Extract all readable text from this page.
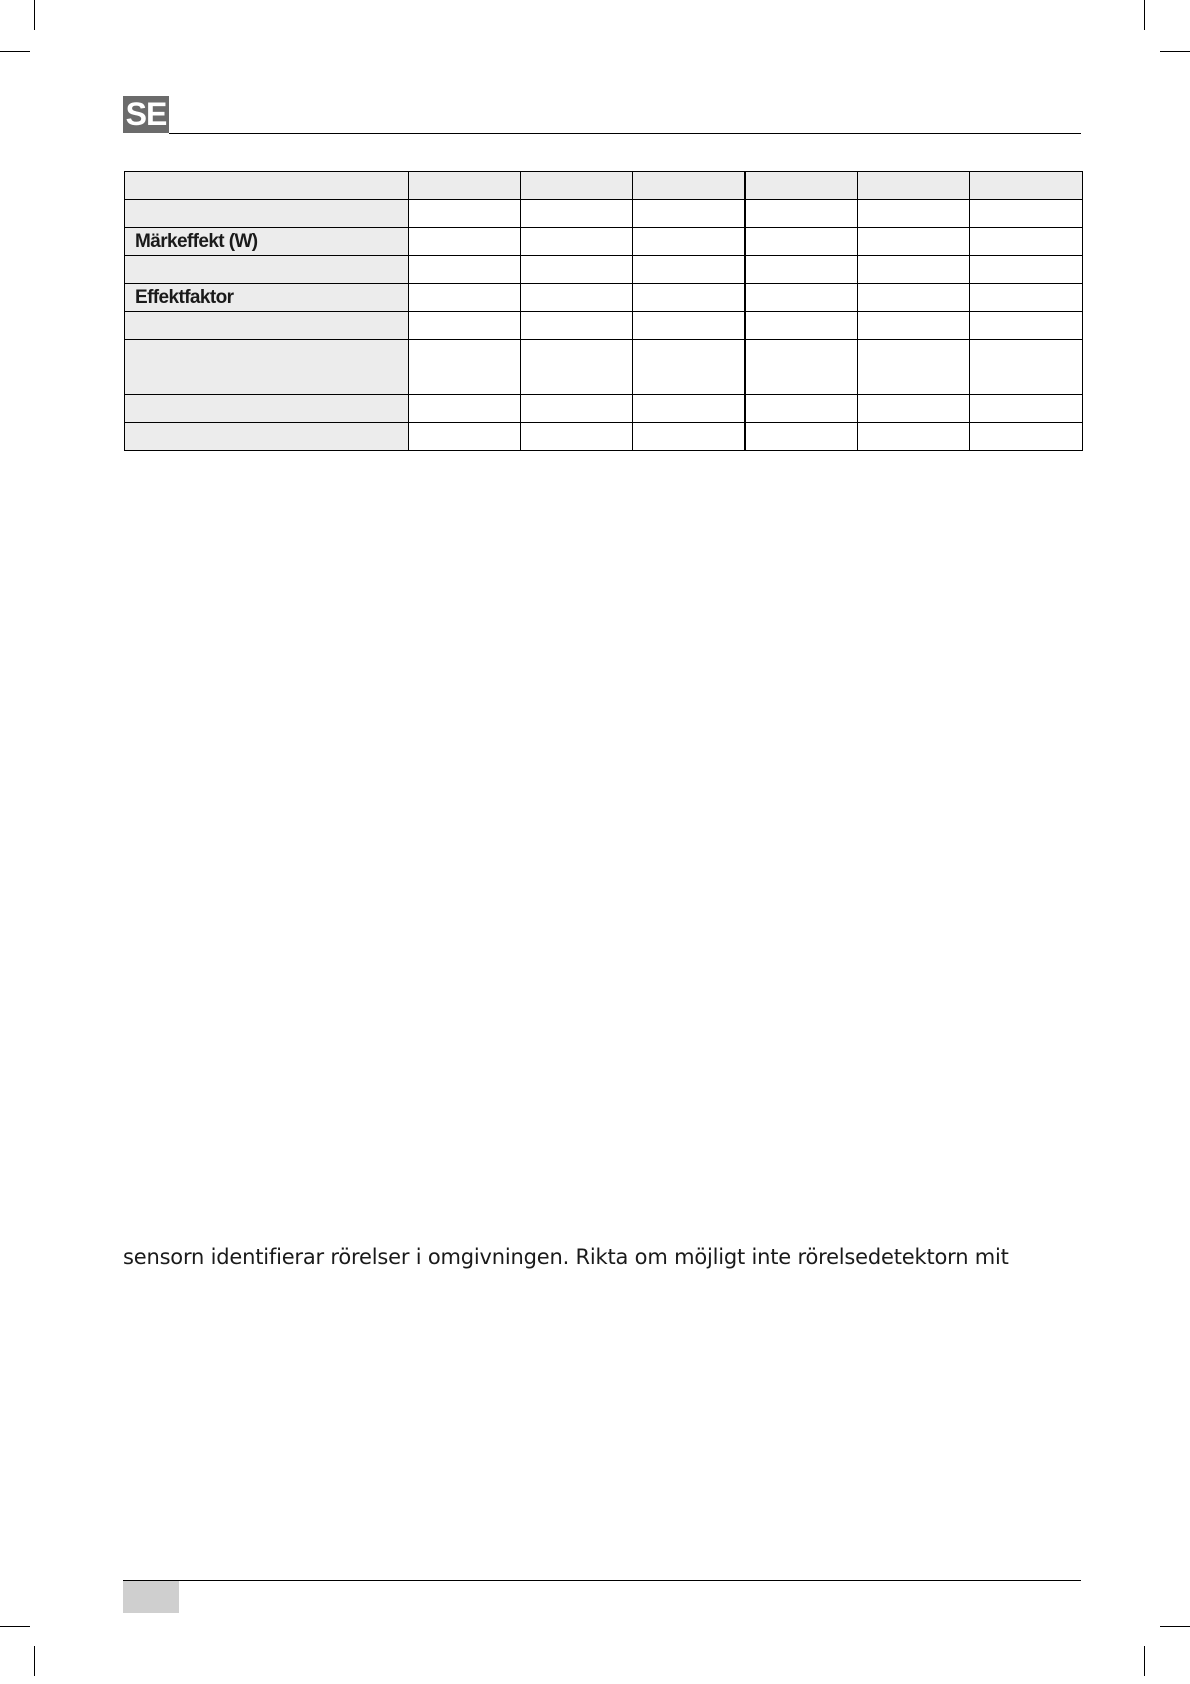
SE

Märkeffekt (W)						

Effektfaktor						

sensorn identifierar rörelser i omgivningen. Rikta om möjligt inte rörelsedetektorn mit
